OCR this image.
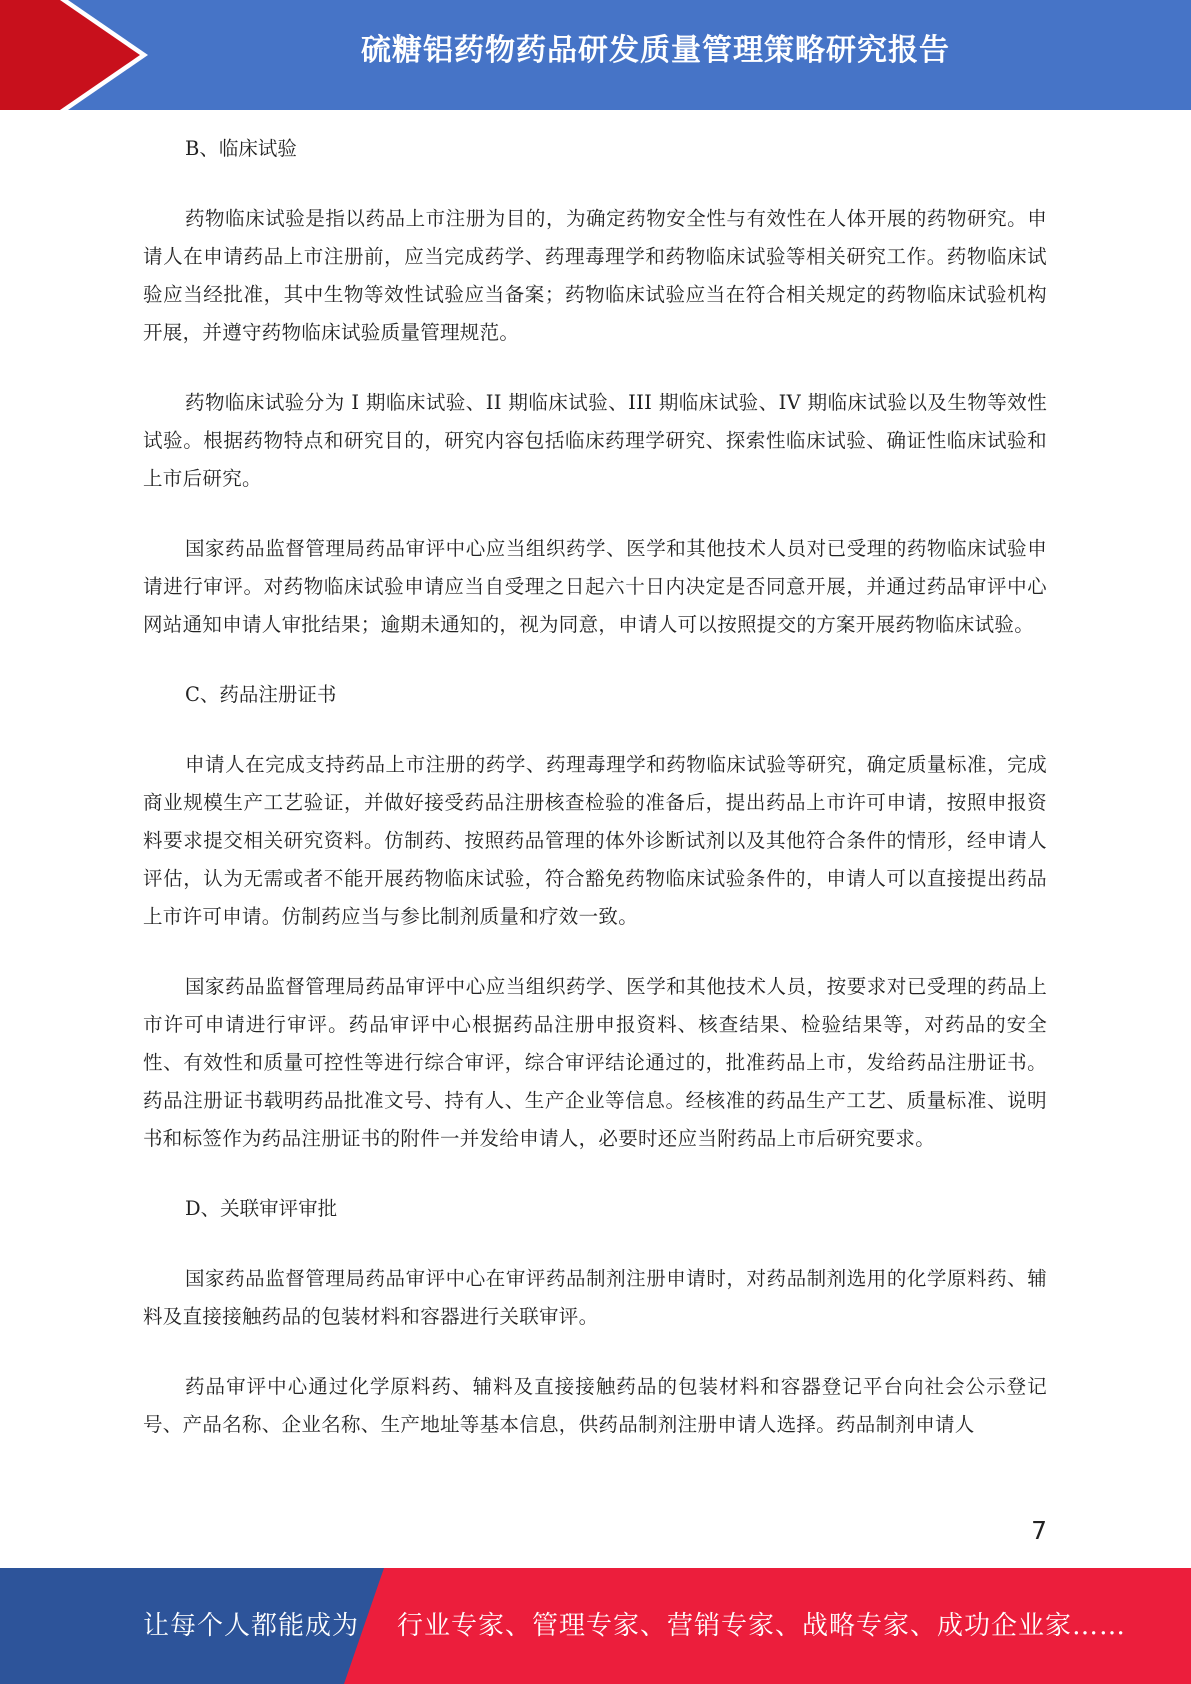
硫糖铝药物药品研发质量管理策略研究报告

B、临床试验

药物临床试验是指以药品上市注册为目的，为确定药物安全性与有效性在人体开展的药物研究。申请人在申请药品上市注册前，应当完成药学、药理毒理学和药物临床试验等相关研究工作。药物临床试验应当经批准，其中生物等效性试验应当备案；药物临床试验应当在符合相关规定的药物临床试验机构开展，并遵守药物临床试验质量管理规范。

药物临床试验分为 I 期临床试验、II 期临床试验、III 期临床试验、IV 期临床试验以及生物等效性试验。根据药物特点和研究目的，研究内容包括临床药理学研究、探索性临床试验、确证性临床试验和上市后研究。

国家药品监督管理局药品审评中心应当组织药学、医学和其他技术人员对已受理的药物临床试验申请进行审评。对药物临床试验申请应当自受理之日起六十日内决定是否同意开展，并通过药品审评中心网站通知申请人审批结果；逾期未通知的，视为同意，申请人可以按照提交的方案开展药物临床试验。

C、药品注册证书

申请人在完成支持药品上市注册的药学、药理毒理学和药物临床试验等研究，确定质量标准，完成商业规模生产工艺验证，并做好接受药品注册核查检验的准备后，提出药品上市许可申请，按照申报资料要求提交相关研究资料。仿制药、按照药品管理的体外诊断试剂以及其他符合条件的情形，经申请人评估，认为无需或者不能开展药物临床试验，符合豁免药物临床试验条件的，申请人可以直接提出药品上市许可申请。仿制药应当与参比制剂质量和疗效一致。

国家药品监督管理局药品审评中心应当组织药学、医学和其他技术人员，按要求对已受理的药品上市许可申请进行审评。药品审评中心根据药品注册申报资料、核查结果、检验结果等，对药品的安全性、有效性和质量可控性等进行综合审评，综合审评结论通过的，批准药品上市，发给药品注册证书。药品注册证书载明药品批准文号、持有人、生产企业等信息。经核准的药品生产工艺、质量标准、说明书和标签作为药品注册证书的附件一并发给申请人，必要时还应当附药品上市后研究要求。

D、关联审评审批

国家药品监督管理局药品审评中心在审评药品制剂注册申请时，对药品制剂选用的化学原料药、辅料及直接接触药品的包装材料和容器进行关联审评。

药品审评中心通过化学原料药、辅料及直接接触药品的包装材料和容器登记平台向社会公示登记号、产品名称、企业名称、生产地址等基本信息，供药品制剂注册申请人选择。药品制剂申请人

7
让每个人都能成为 行业专家、管理专家、营销专家、战略专家、成功企业家……
